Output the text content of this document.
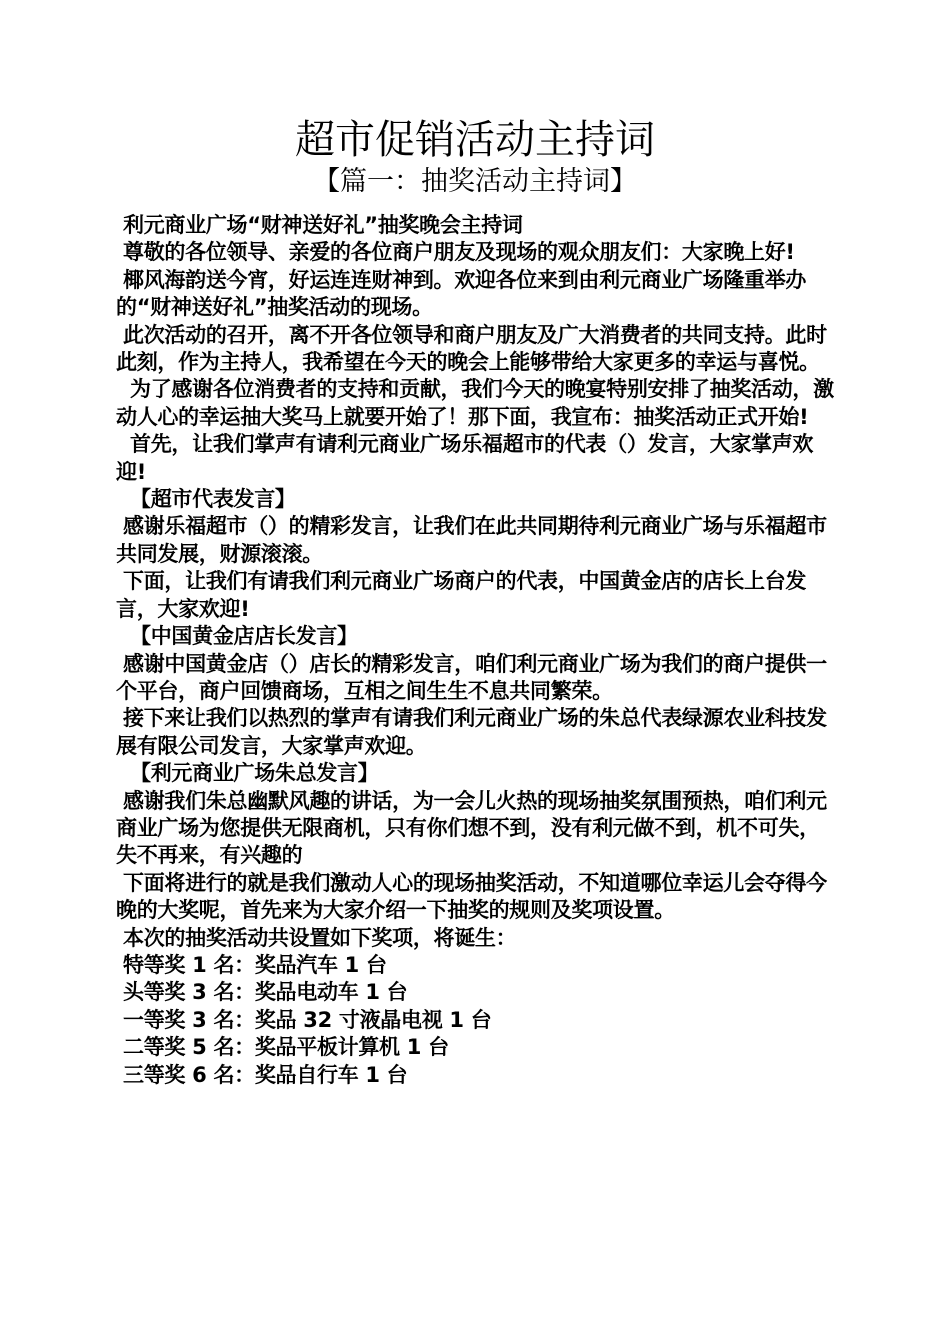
超市促销活动主持词
【篇一：抽奖活动主持词】

利元商业广场“财神送好礼”抽奖晚会主持词

尊敬的各位领导、亲爱的各位商户朋友及现场的观众朋友们：大家晚上好!

椰风海韵送今宵，好运连连财神到。欢迎各位来到由利元商业广场隆重举办的“财神送好礼”抽奖活动的现场。

此次活动的召开，离不开各位领导和商户朋友及广大消费者的共同支持。此时此刻，作为主持人，我希望在今天的晚会上能够带给大家更多的幸运与喜悦。

为了感谢各位消费者的支持和贡献，我们今天的晚宴特别安排了抽奖活动，激动人心的幸运抽大奖马上就要开始了！那下面，我宣布：抽奖活动正式开始!

首先，让我们掌声有请利元商业广场乐福超市的代表（）发言，大家掌声欢迎!

【超市代表发言】

感谢乐福超市（）的精彩发言，让我们在此共同期待利元商业广场与乐福超市共同发展，财源滚滚。

下面，让我们有请我们利元商业广场商户的代表，中国黄金店的店长上台发言，大家欢迎!

【中国黄金店店长发言】

感谢中国黄金店（）店长的精彩发言，咱们利元商业广场为我们的商户提供一个平台，商户回馈商场，互相之间生生不息共同繁荣。

接下来让我们以热烈的掌声有请我们利元商业广场的朱总代表绿源农业科技发展有限公司发言，大家掌声欢迎。

【利元商业广场朱总发言】

感谢我们朱总幽默风趣的讲话，为一会儿火热的现场抽奖氛围预热，咱们利元商业广场为您提供无限商机，只有你们想不到，没有利元做不到，机不可失，失不再来，有兴趣的

下面将进行的就是我们激动人心的现场抽奖活动，不知道哪位幸运儿会夺得今晚的大奖呢，首先来为大家介绍一下抽奖的规则及奖项设置。

本次的抽奖活动共设置如下奖项，将诞生：

特等奖 1 名：奖品汽车 1 台

头等奖 3 名：奖品电动车 1 台

一等奖 3 名：奖品 32 寸液晶电视 1 台

二等奖 5 名：奖品平板计算机 1 台

三等奖 6 名：奖品自行车 1 台
